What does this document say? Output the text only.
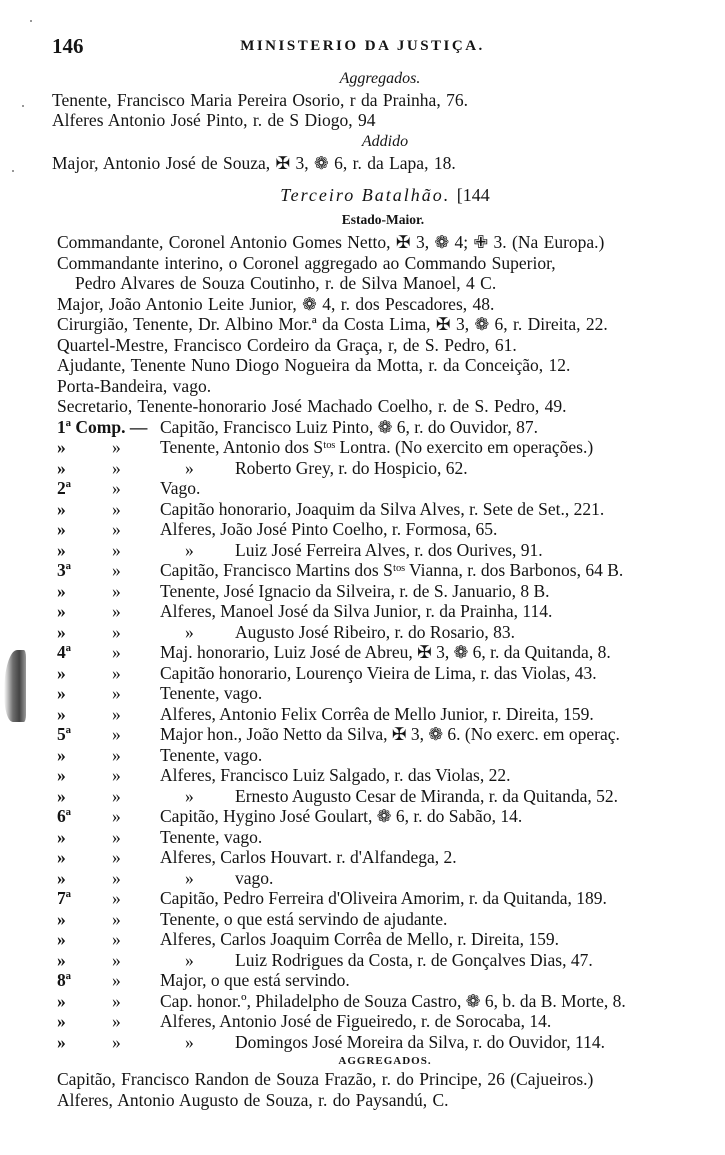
146	MINISTERIO DA JUSTIÇA.
Aggregados.
Tenente, Francisco Maria Pereira Osorio, r da Prainha, 76.
Alferes Antonio José Pinto, r. de S Diogo, 94
Addido
Major, Antonio José de Souza, ✠ 3, ❁ 6, r. da Lapa, 18.
Terceiro Batalhão. [144
Estado-Maior.
Commandante, Coronel Antonio Gomes Netto, ✠ 3, ❁ 4; ✙ 3. (Na Europa.)
Commandante interino, o Coronel aggregado ao Commando Superior,
Pedro Alvares de Souza Coutinho, r. de Silva Manoel, 4 C.
Major, João Antonio Leite Junior, ❁ 4, r. dos Pescadores, 48.
Cirurgião, Tenente, Dr. Albino Mor.ª da Costa Lima, ✠ 3, ❁ 6, r. Direita, 22.
Quartel-Mestre, Francisco Cordeiro da Graça, r, de S. Pedro, 61.
Ajudante, Tenente Nuno Diogo Nogueira da Motta, r. da Conceição, 12.
Porta-Bandeira, vago.
Secretario, Tenente-honorario José Machado Coelho, r. de S. Pedro, 49.
1ª Comp. — Capitão, Francisco Luiz Pinto, ❁ 6, r. do Ouvidor, 87.
»	» Tenente, Antonio dos Sᵗᵒˢ Lontra. (No exercito em operações.)
»	»	» Roberto Grey, r. do Hospicio, 62.
2ª » Vago.
»	» Capitão honorario, Joaquim da Silva Alves, r. Sete de Set., 221.
»	» Alferes, João José Pinto Coelho, r. Formosa, 65.
»	»	» Luiz José Ferreira Alves, r. dos Ourives, 91.
3ª » Capitão, Francisco Martins dos Sᵗᵒˢ Vianna, r. dos Barbonos, 64 B.
»	» Tenente, José Ignacio da Silveira, r. de S. Januario, 8 B.
»	» Alferes, Manoel José da Silva Junior, r. da Prainha, 114.
»	»	» Augusto José Ribeiro, r. do Rosario, 83.
4ª » Maj. honorario, Luiz José de Abreu, ✠ 3, ❁ 6, r. da Quitanda, 8.
»	» Capitão honorario, Lourenço Vieira de Lima, r. das Violas, 43.
»	» Tenente, vago.
»	» Alferes, Antonio Felix Corrêa de Mello Junior, r. Direita, 159.
5ª » Major hon., João Netto da Silva, ✠ 3, ❁ 6. (No exerc. em operaç.
»	» Tenente, vago.
»	» Alferes, Francisco Luiz Salgado, r. das Violas, 22.
»	»	» Ernesto Augusto Cesar de Miranda, r. da Quitanda, 52.
6ª » Capitão, Hygino José Goulart, ❁ 6, r. do Sabão, 14.
»	» Tenente, vago.
»	» Alferes, Carlos Houvart. r. d'Alfandega, 2.
»	»	» vago.
7ª » Capitão, Pedro Ferreira d'Oliveira Amorim, r. da Quitanda, 189.
»	» Tenente, o que está servindo de ajudante.
»	» Alferes, Carlos Joaquim Corrêa de Mello, r. Direita, 159.
»	»	» Luiz Rodrigues da Costa, r. de Gonçalves Dias, 47.
8ª » Major, o que está servindo.
»	» Cap. honor.º, Philadelpho de Souza Castro, ❁ 6, b. da B. Morte, 8.
»	» Alferes, Antonio José de Figueiredo, r. de Sorocaba, 14.
»	»	» Domingos José Moreira da Silva, r. do Ouvidor, 114.
AGGREGADOS.
Capitão, Francisco Randon de Souza Frazão, r. do Principe, 26 (Cajueiros.)
Alferes, Antonio Augusto de Souza, r. do Paysandú, C.
